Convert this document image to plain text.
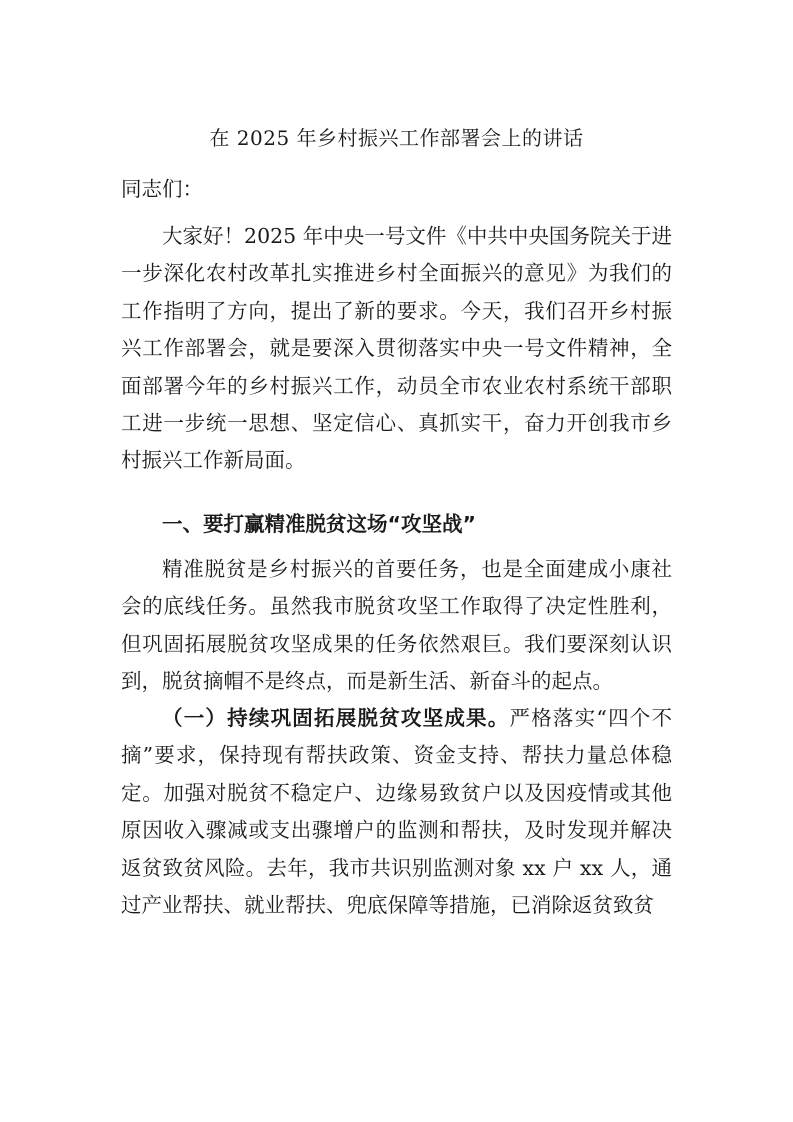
在 2025 年乡村振兴工作部署会上的讲话
同志们：
大家好！2025 年中央一号文件《中共中央国务院关于进一步深化农村改革扎实推进乡村全面振兴的意见》为我们的工作指明了方向，提出了新的要求。今天，我们召开乡村振兴工作部署会，就是要深入贯彻落实中央一号文件精神，全面部署今年的乡村振兴工作，动员全市农业农村系统干部职工进一步统一思想、坚定信心、真抓实干，奋力开创我市乡村振兴工作新局面。
一、要打赢精准脱贫这场“攻坚战”
精准脱贫是乡村振兴的首要任务，也是全面建成小康社会的底线任务。虽然我市脱贫攻坚工作取得了决定性胜利，但巩固拓展脱贫攻坚成果的任务依然艰巨。我们要深刻认识到，脱贫摘帽不是终点，而是新生活、新奋斗的起点。
（一）持续巩固拓展脱贫攻坚成果。严格落实“四个不摘”要求，保持现有帮扶政策、资金支持、帮扶力量总体稳定。加强对脱贫不稳定户、边缘易致贫户以及因疫情或其他原因收入骤减或支出骤增户的监测和帮扶，及时发现并解决返贫致贫风险。去年，我市共识别监测对象 xx 户 xx 人，通过产业帮扶、就业帮扶、兜底保障等措施，已消除返贫致贫
